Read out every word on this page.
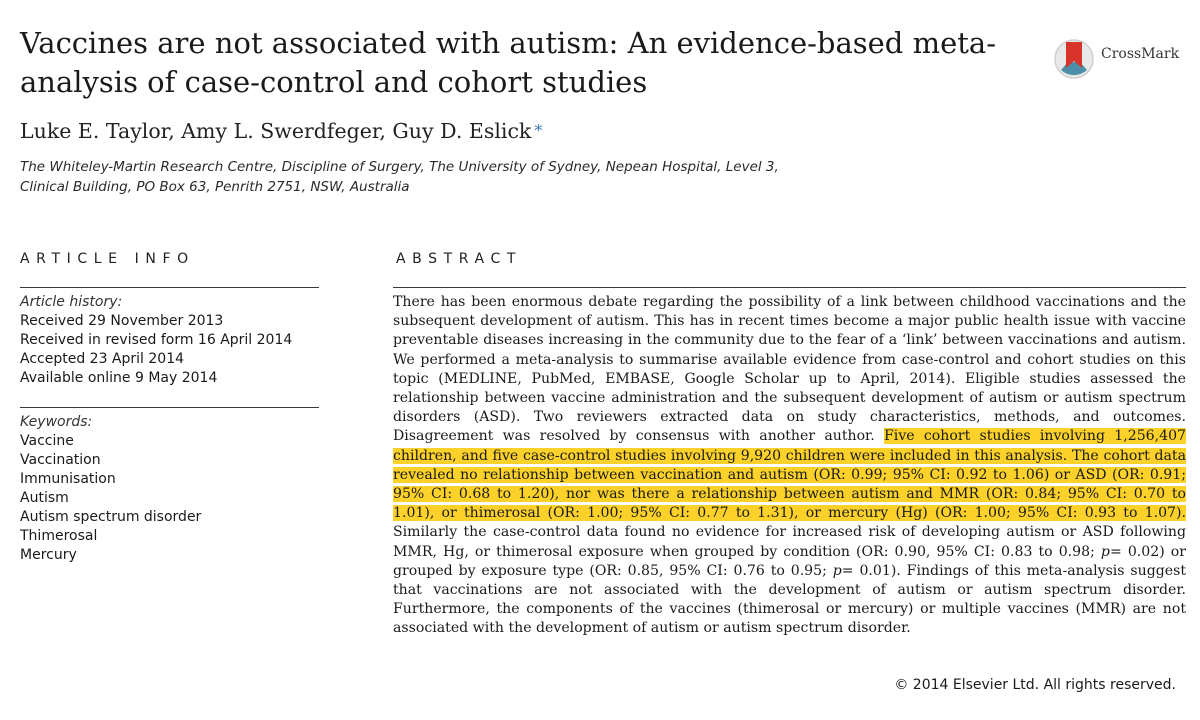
Vaccines are not associated with autism: An evidence-based meta-analysis of case-control and cohort studies
CrossMark
Luke E. Taylor, Amy L. Swerdfeger, Guy D. Eslick *
The Whiteley-Martin Research Centre, Discipline of Surgery, The University of Sydney, Nepean Hospital, Level 3,
Clinical Building, PO Box 63, Penrith 2751, NSW, Australia
ARTICLE INFO	ABSTRACT
Article history:
Received 29 November 2013
Received in revised form 16 April 2014
Accepted 23 April 2014
Available online 9 May 2014
Keywords:
Vaccine
Vaccination
Immunisation
Autism
Autism spectrum disorder
Thimerosal
Mercury

There has been enormous debate regarding the possibility of a link between childhood vaccinations and the subsequent development of autism. This has in recent times become a major public health issue with vaccine preventable diseases increasing in the community due to the fear of a ‘link’ between vaccinations and autism. We performed a meta-analysis to summarise available evidence from case-control and cohort studies on this topic (MEDLINE, PubMed, EMBASE, Google Scholar up to April, 2014). Eligible studies assessed the relationship between vaccine administration and the subsequent development of autism or autism spectrum disorders (ASD). Two reviewers extracted data on study characteristics, methods, and outcomes. Disagreement was resolved by consensus with another author. Five cohort studies involving 1,256,407 children, and five case-control studies involving 9,920 children were included in this analysis. The cohort data revealed no relationship between vaccination and autism (OR: 0.99; 95% CI: 0.92 to 1.06) or ASD (OR: 0.91; 95% CI: 0.68 to 1.20), nor was there a relationship between autism and MMR (OR: 0.84; 95% CI: 0.70 to 1.01), or thimerosal (OR: 1.00; 95% CI: 0.77 to 1.31), or mercury (Hg) (OR: 1.00; 95% CI: 0.93 to 1.07). Similarly the case-control data found no evidence for increased risk of developing autism or ASD following MMR, Hg, or thimerosal exposure when grouped by condition (OR: 0.90, 95% CI: 0.83 to 0.98; p= 0.02) or grouped by exposure type (OR: 0.85, 95% CI: 0.76 to 0.95; p= 0.01). Findings of this meta-analysis suggest that vaccinations are not associated with the development of autism or autism spectrum disorder. Furthermore, the components of the vaccines (thimerosal or mercury) or multiple vaccines (MMR) are not associated with the development of autism or autism spectrum disorder.

© 2014 Elsevier Ltd. All rights reserved.
